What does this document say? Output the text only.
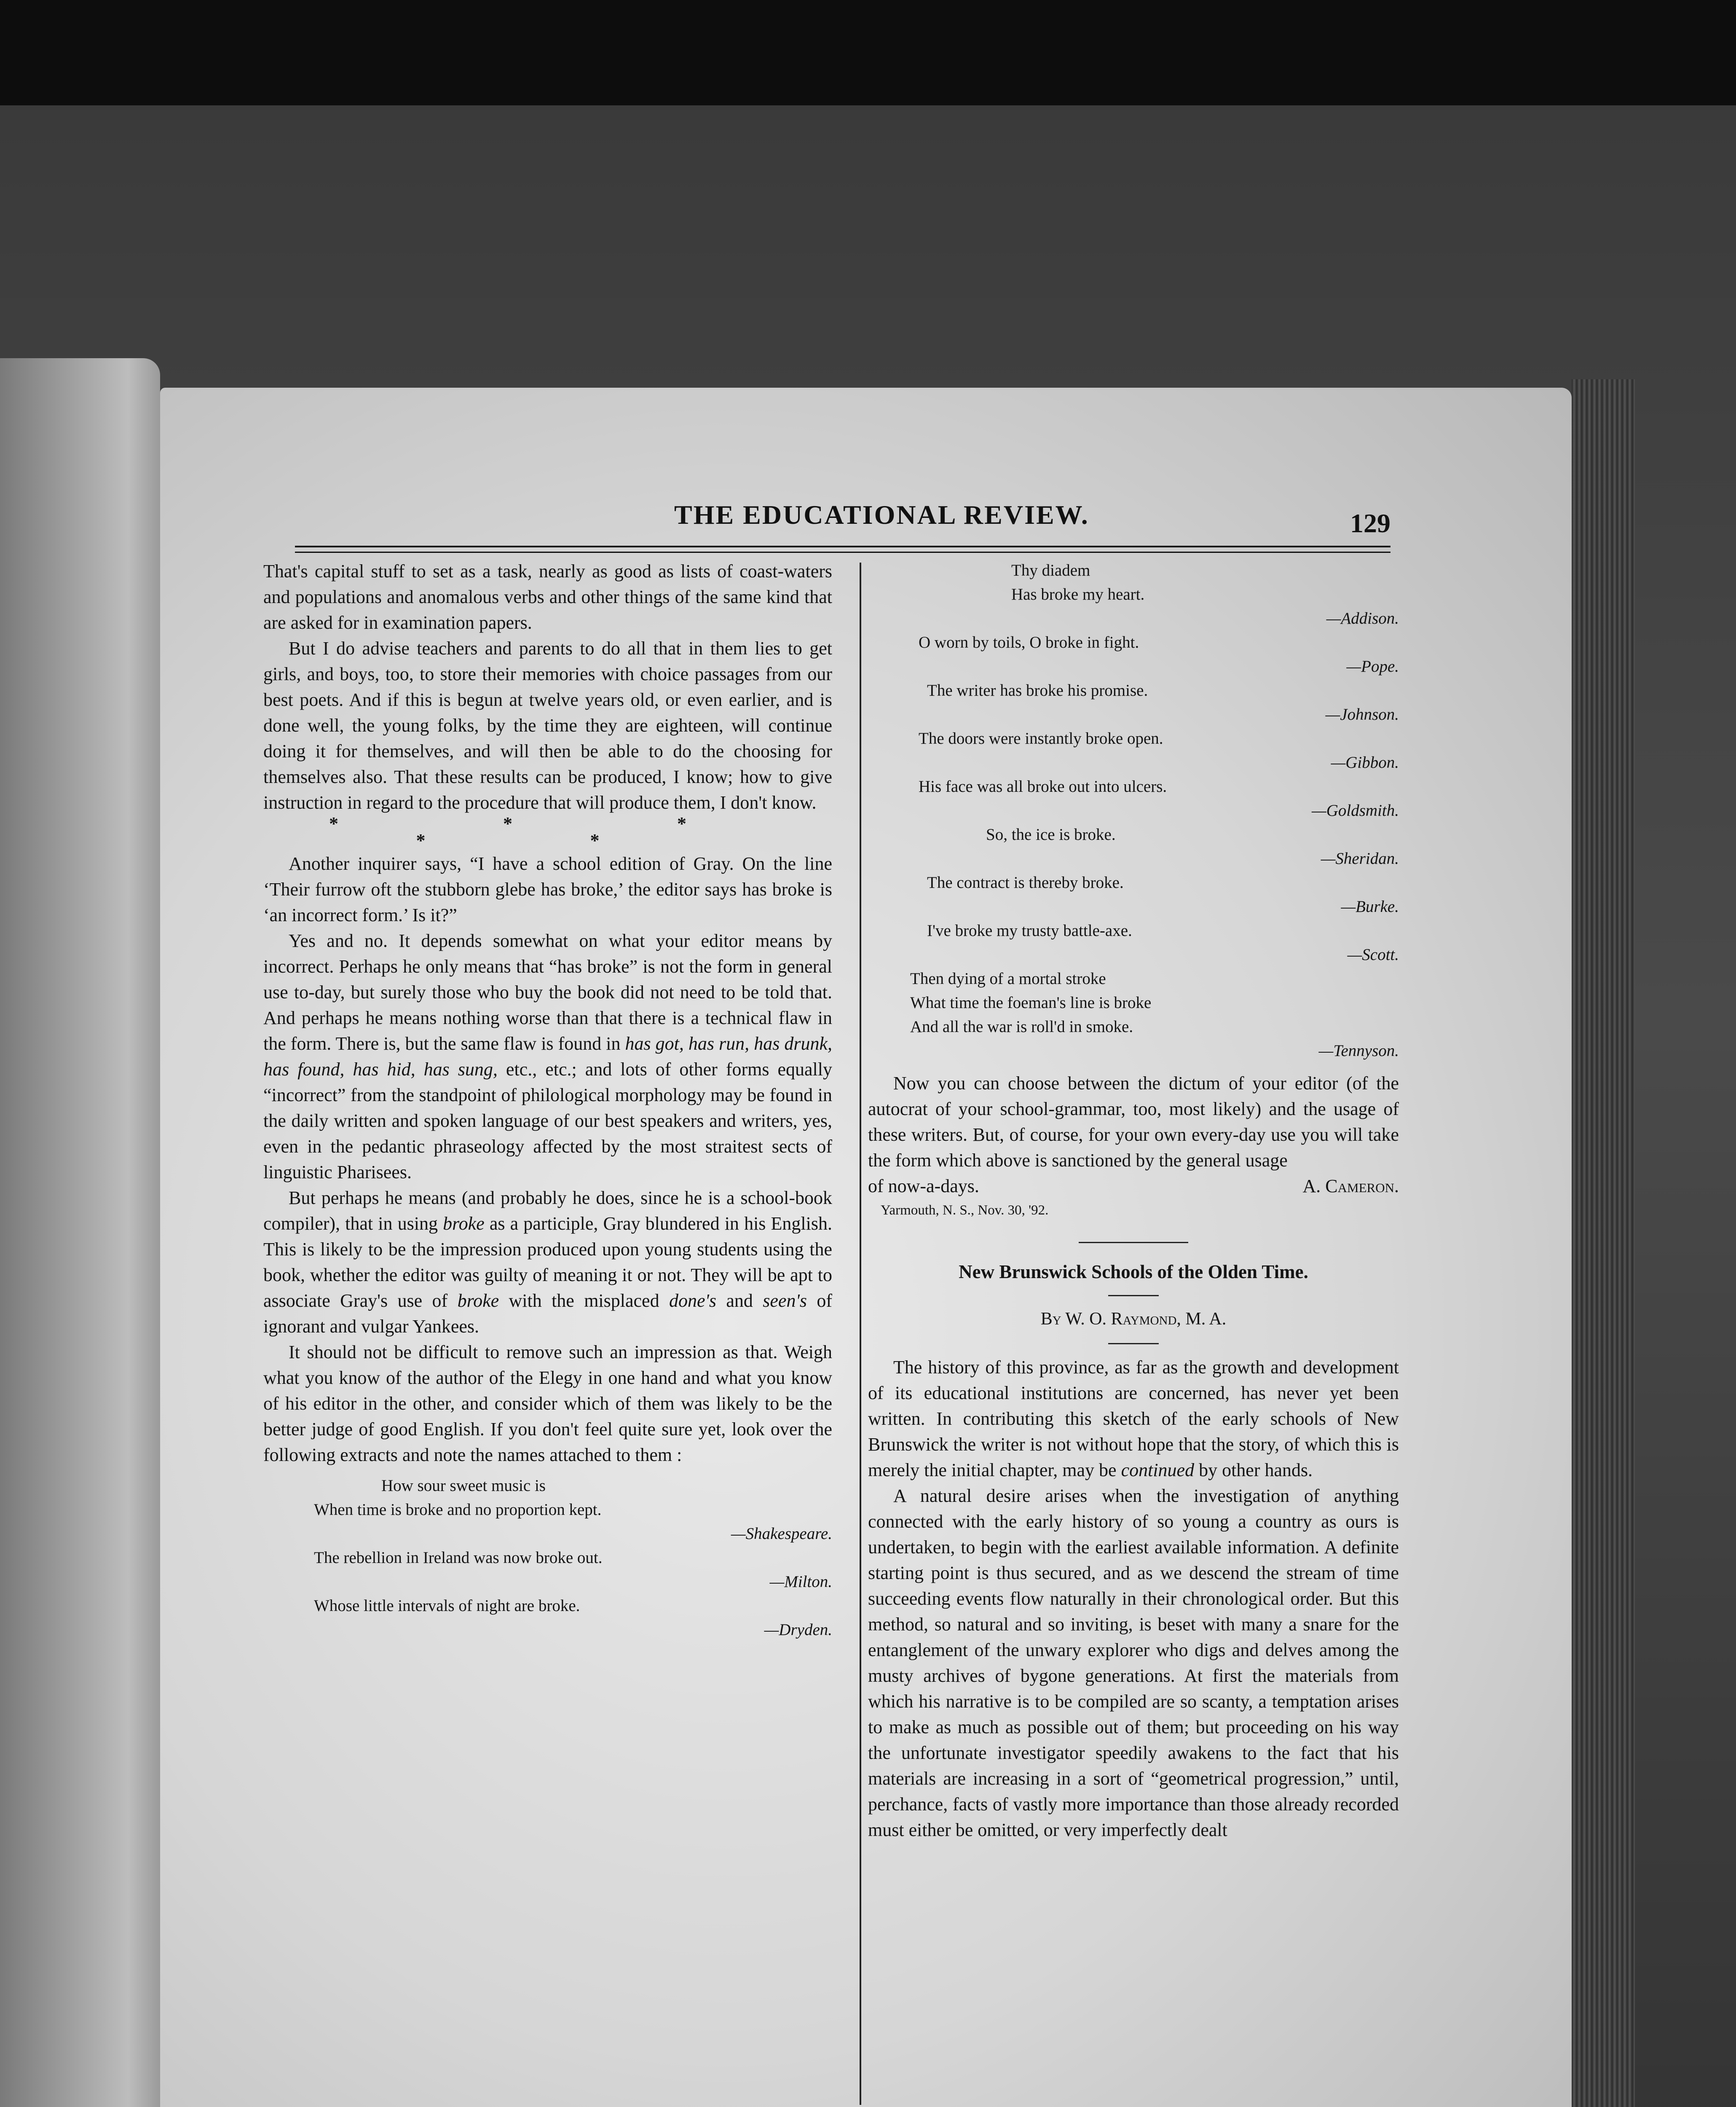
THE EDUCATIONAL REVIEW.	129

That's capital stuff to set as a task, nearly as good as lists of coast-waters and populations and anomalous verbs and other things of the same kind that are asked for in examination papers.

But I do advise teachers and parents to do all that in them lies to get girls, and boys, too, to store their memories with choice passages from our best poets. And if this is begun at twelve years old, or even earlier, and is done well, the young folks, by the time they are eighteen, will continue doing it for themselves, and will then be able to do the choosing for themselves also. That these results can be produced, I know; how to give instruction in regard to the procedure that will produce them, I don't know.

* * * * *

Another inquirer says, “I have a school edition of Gray. On the line ‘Their furrow oft the stubborn glebe has broke,’ the editor says has broke is ‘an incorrect form.’ Is it?”

Yes and no. It depends somewhat on what your editor means by incorrect. Perhaps he only means that “has broke” is not the form in general use to-day, but surely those who buy the book did not need to be told that. And perhaps he means nothing worse than that there is a technical flaw in the form. There is, but the same flaw is found in has got, has run, has drunk, has found, has hid, has sung, etc., etc.; and lots of other forms equally “incorrect” from the standpoint of philological morphology may be found in the daily written and spoken language of our best speakers and writers, yes, even in the pedantic phraseology affected by the most straitest sects of linguistic Pharisees.

But perhaps he means (and probably he does, since he is a school-book compiler), that in using broke as a participle, Gray blundered in his English. This is likely to be the impression produced upon young students using the book, whether the editor was guilty of meaning it or not. They will be apt to associate Gray's use of broke with the misplaced done's and seen's of ignorant and vulgar Yankees.

It should not be difficult to remove such an impression as that. Weigh what you know of the author of the Elegy in one hand and what you know of his editor in the other, and consider which of them was likely to be the better judge of good English. If you don't feel quite sure yet, look over the following extracts and note the names attached to them :

How sour sweet music is

When time is broke and no proportion kept.

—Shakespeare.

The rebellion in Ireland was now broke out.

—Milton.

Whose little intervals of night are broke.

—Dryden.

Thy diadem

Has broke my heart.

—Addison.

O worn by toils, O broke in fight.

—Pope.

The writer has broke his promise.

—Johnson.

The doors were instantly broke open.

—Gibbon.

His face was all broke out into ulcers.

—Goldsmith.

So, the ice is broke.

—Sheridan.

The contract is thereby broke.

—Burke.

I've broke my trusty battle-axe.

—Scott.

Then dying of a mortal stroke

What time the foeman's line is broke

And all the war is roll'd in smoke.

—Tennyson.

Now you can choose between the dictum of your editor (of the autocrat of your school-grammar, too, most likely) and the usage of these writers. But, of course, for your own every-day use you will take the form which above is sanctioned by the general usage

of now-a-days.	A. Cameron.
Yarmouth, N. S., Nov. 30, '92.
New Brunswick Schools of the Olden Time.
By W. O. Raymond, M. A.

The history of this province, as far as the growth and development of its educational institutions are concerned, has never yet been written. In contributing this sketch of the early schools of New Brunswick the writer is not without hope that the story, of which this is merely the initial chapter, may be continued by other hands.

A natural desire arises when the investigation of anything connected with the early history of so young a country as ours is undertaken, to begin with the earliest available information. A definite starting point is thus secured, and as we descend the stream of time succeeding events flow naturally in their chronological order. But this method, so natural and so inviting, is beset with many a snare for the entanglement of the unwary explorer who digs and delves among the musty archives of bygone generations. At first the materials from which his narrative is to be compiled are so scanty, a temptation arises to make as much as possible out of them; but proceeding on his way the unfortunate investigator speedily awakens to the fact that his materials are increasing in a sort of “geometrical progression,” until, perchance, facts of vastly more importance than those already recorded must either be omitted, or very imperfectly dealt
